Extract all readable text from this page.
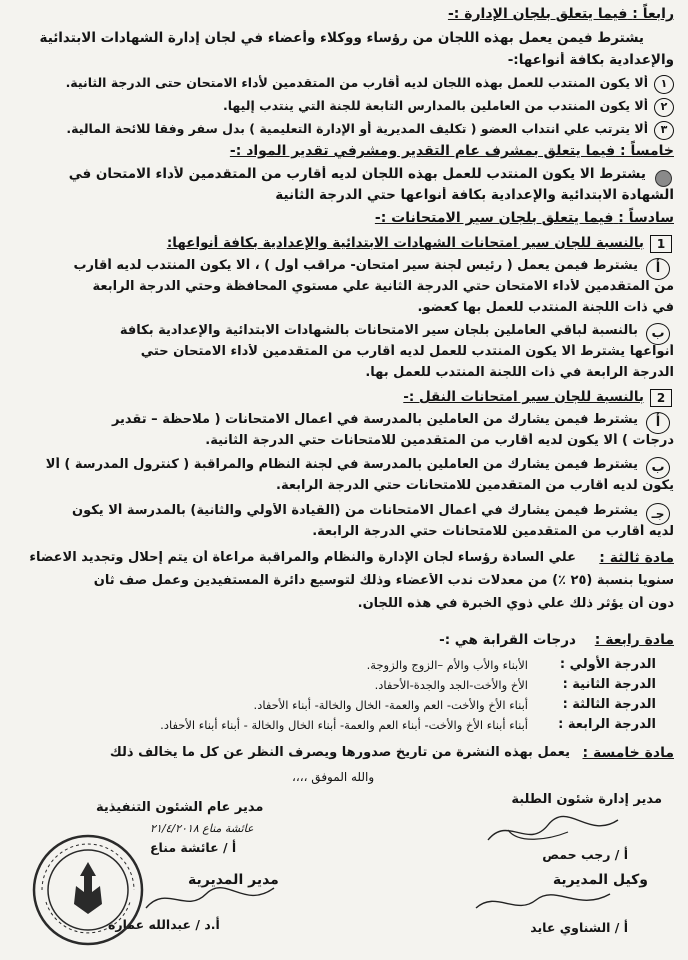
رابعاً : فيما يتعلق بلجان الإدارة :-
يشترط فيمن يعمل بهذه اللجان من رؤساء ووكلاء وأعضاء في لجان إدارة الشهادات الابتدائية
والإعدادية بكافة أنواعها:-
١
ألا يكون المنتدب للعمل بهذه اللجان لديه أقارب من المتقدمين لأداء الامتحان حتى الدرجة الثانية.
٢
ألا يكون المنتدب من العاملين بالمدارس التابعة للجنة التي ينتدب إليها.
٣
ألا يترتب علي انتداب العضو ( تكليف المديرية أو الإدارة التعليمية ) بدل سفر وفقا للائحة المالية.
خامساً : فيما يتعلق بمشرف عام التقدير ومشرفي تقدير المواد :-
يشترط الا يكون المنتدب للعمل بهذه اللجان لديه أقارب من المتقدمين لأداء الامتحان في
الشهادة الابتدائية والإعدادية بكافة أنواعها حتي الدرجة الثانية
سادساً : فيما يتعلق بلجان سير الامتحانات :-
1
بالنسبة للجان سير امتحانات الشهادات الابتدائية والإعدادية بكافة أنواعها:
أ
يشترط فيمن يعمل ( رئيس لجنة سير امتحان- مراقب أول ) ، ألا يكون المنتدب لديه أقارب
من المتقدمين لأداء الامتحان حتي الدرجة الثانية علي مستوي المحافظة وحتي الدرجة الرابعة
في ذات اللجنة المنتدب للعمل بها كعضو.
ب
بالنسبة لباقي العاملين بلجان سير الامتحانات بالشهادات الابتدائية والإعدادية بكافة
أنواعها يشترط ألا يكون المنتدب للعمل لديه أقارب من المتقدمين لأداء الامتحان حتي
الدرجة الرابعة في ذات اللجنة المنتدب للعمل بها.
2
بالنسبة للجان سير امتحانات النقل :-
أ
يشترط فيمن يشارك من العاملين بالمدرسة في أعمال الامتحانات ( ملاحظة – تقدير
درجات ) ألا يكون لديه أقارب من المتقدمين للامتحانات حتي الدرجة الثانية.
ب
يشترط فيمن يشارك من العاملين بالمدرسة في لجنة النظام والمراقبة ( كنترول المدرسة ) ألا
يكون لديه أقارب من المتقدمين للامتحانات حتي الدرجة الرابعة.
جـ
يشترط فيمن يشارك في أعمال الامتحانات من (القيادة الأولي والثانية) بالمدرسة ألا يكون
لديه أقارب من المتقدمين للامتحانات حتي الدرجة الرابعة.
مادة ثالثة :
علي السادة رؤساء لجان الإدارة والنظام والمراقبة مراعاة أن يتم إحلال وتجديد الاعضاء
سنويا بنسبة (٢٥ ٪) من معدلات ندب الأعضاء وذلك لتوسيع دائرة المستفيدين وعمل صف ثان
دون أن يؤثر ذلك علي ذوي الخبرة في هذه اللجان.
مادة رابعة :
درجات القرابة هي :-
الدرجة الأولي :
الأبناء والأب والأم –الزوج والزوجة.
الدرجة الثانية :
الأخ والأخت-الجد والجدة-الأحفاد.
الدرجة الثالثة :
أبناء الأخ والأخت- العم والعمة- الخال والخالة- أبناء الأحفاد.
الدرجة الرابعة :
أبناء أبناء الأخ والأخت- أبناء العم والعمة- أبناء الخال والخالة - أبناء أبناء الأحفاد.
مادة خامسة :
يعمل بهذه النشرة من تاريخ صدورها ويصرف النظر عن كل ما يخالف ذلك
والله الموفق ،،،،
مدير إدارة شئون الطلبة
أ / رجب حمص
وكيل المديرية
أ / الشناوي عايد
مدير عام الشئون التنفيذية
عائشة مناع ٢١/٤/٢٠١٨
أ / عائشة مناع
مدير المديرية
أ.د / عبدالله عمارة
